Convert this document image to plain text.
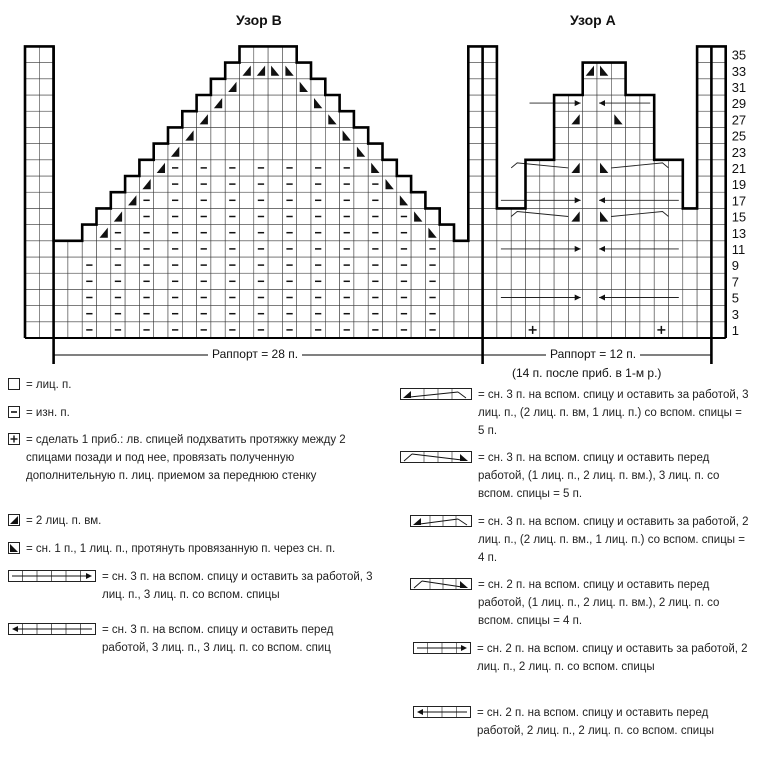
35
33
31
29
27
25
23
21
19
17
15
13
11
9
7
5
3
1
Узор В	Узор А
Раппорт = 28 п.	Раппорт = 12 п.
(14 п. после приб. в 1-м р.)
= лиц. п.
= изн. п.
= сделать 1 приб.: лв. спицей подхватить протяжку между 2 спицами позади и под нее, провязать полученную дополнительную п. лиц. приемом за переднюю стенку
= 2 лиц. п. вм.
= сн. 1 п., 1 лиц. п., протянуть провязанную п. через сн. п.
= сн. 3 п. на вспом. спицу и оставить за работой, 3 лиц. п., 3 лиц. п. со вспом. спицы
= сн. 3 п. на вспом. спицу и оставить перед работой, 3 лиц. п., 3 лиц. п. со вспом. спиц
= сн. 3 п. на вспом. спицу и оставить за работой, 3 лиц. п., (2 лиц. п. вм, 1 лиц. п.) со вспом. спицы = 5 п.
= сн. 3 п. на вспом. спицу и оставить перед работой, (1 лиц. п., 2 лиц. п. вм.), 3 лиц. п. со вспом. спицы = 5 п.
= сн. 3 п. на вспом. спицу и оставить за работой, 2 лиц. п., (2 лиц. п. вм., 1 лиц. п.) со вспом. спицы = 4 п.
= сн. 2 п. на вспом. спицу и оставить перед работой, (1 лиц. п., 2 лиц. п. вм.), 2 лиц. п. со вспом. спицы = 4 п.
= сн. 2 п. на вспом. спицу и оставить за работой, 2 лиц. п., 2 лиц. п. со вспом. спицы
= сн. 2 п. на вспом. спицу и оставить перед работой, 2 лиц. п., 2 лиц. п. со вспом. спицы
